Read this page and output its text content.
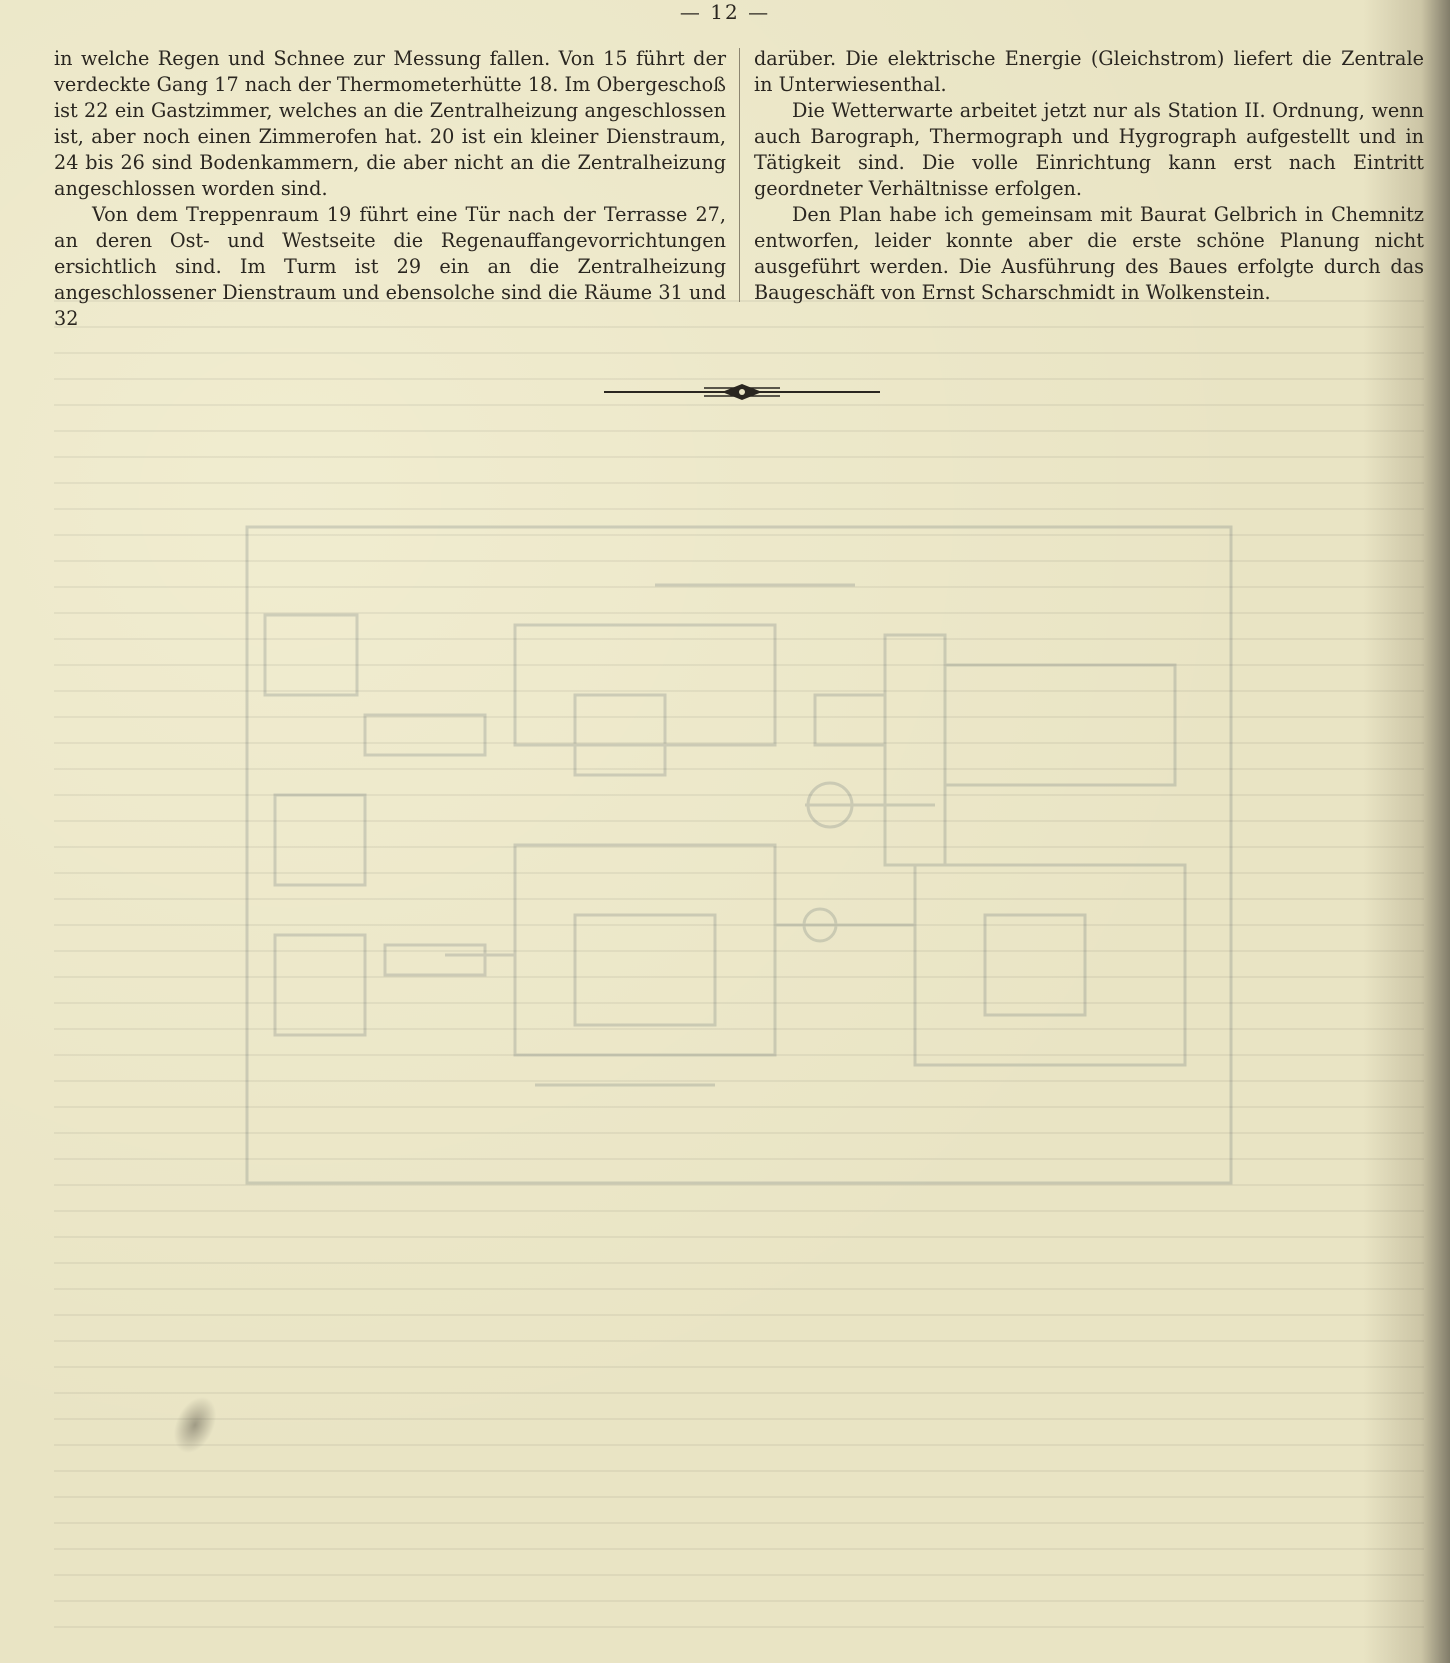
— 12 —

in welche Regen und Schnee zur Messung fallen. Von 15 führt der verdeckte Gang 17 nach der Thermometerhütte 18. Im Obergeschoß ist 22 ein Gastzimmer, welches an die Zentralheizung angeschlossen ist, aber noch einen Zimmerofen hat. 20 ist ein kleiner Dienstraum, 24 bis 26 sind Bodenkammern, die aber nicht an die Zentralheizung angeschlossen worden sind.

Von dem Treppenraum 19 führt eine Tür nach der Terrasse 27, an deren Ost- und Westseite die Regenauffangevorrichtungen ersichtlich sind. Im Turm ist 29 ein an die Zentralheizung angeschlossener Dienstraum und ebensolche sind die Räume 31 und 32

darüber. Die elektrische Energie (Gleichstrom) liefert die Zentrale in Unterwiesenthal.

Die Wetterwarte arbeitet jetzt nur als Station II. Ordnung, wenn auch Barograph, Thermograph und Hygrograph aufgestellt und in Tätigkeit sind. Die volle Einrichtung kann erst nach Eintritt geordneter Verhältnisse erfolgen.

Den Plan habe ich gemeinsam mit Baurat Gelbrich in Chemnitz entworfen, leider konnte aber die erste schöne Planung nicht ausgeführt werden. Die Ausführung des Baues erfolgte durch das Baugeschäft von Ernst Scharschmidt in Wolkenstein.
